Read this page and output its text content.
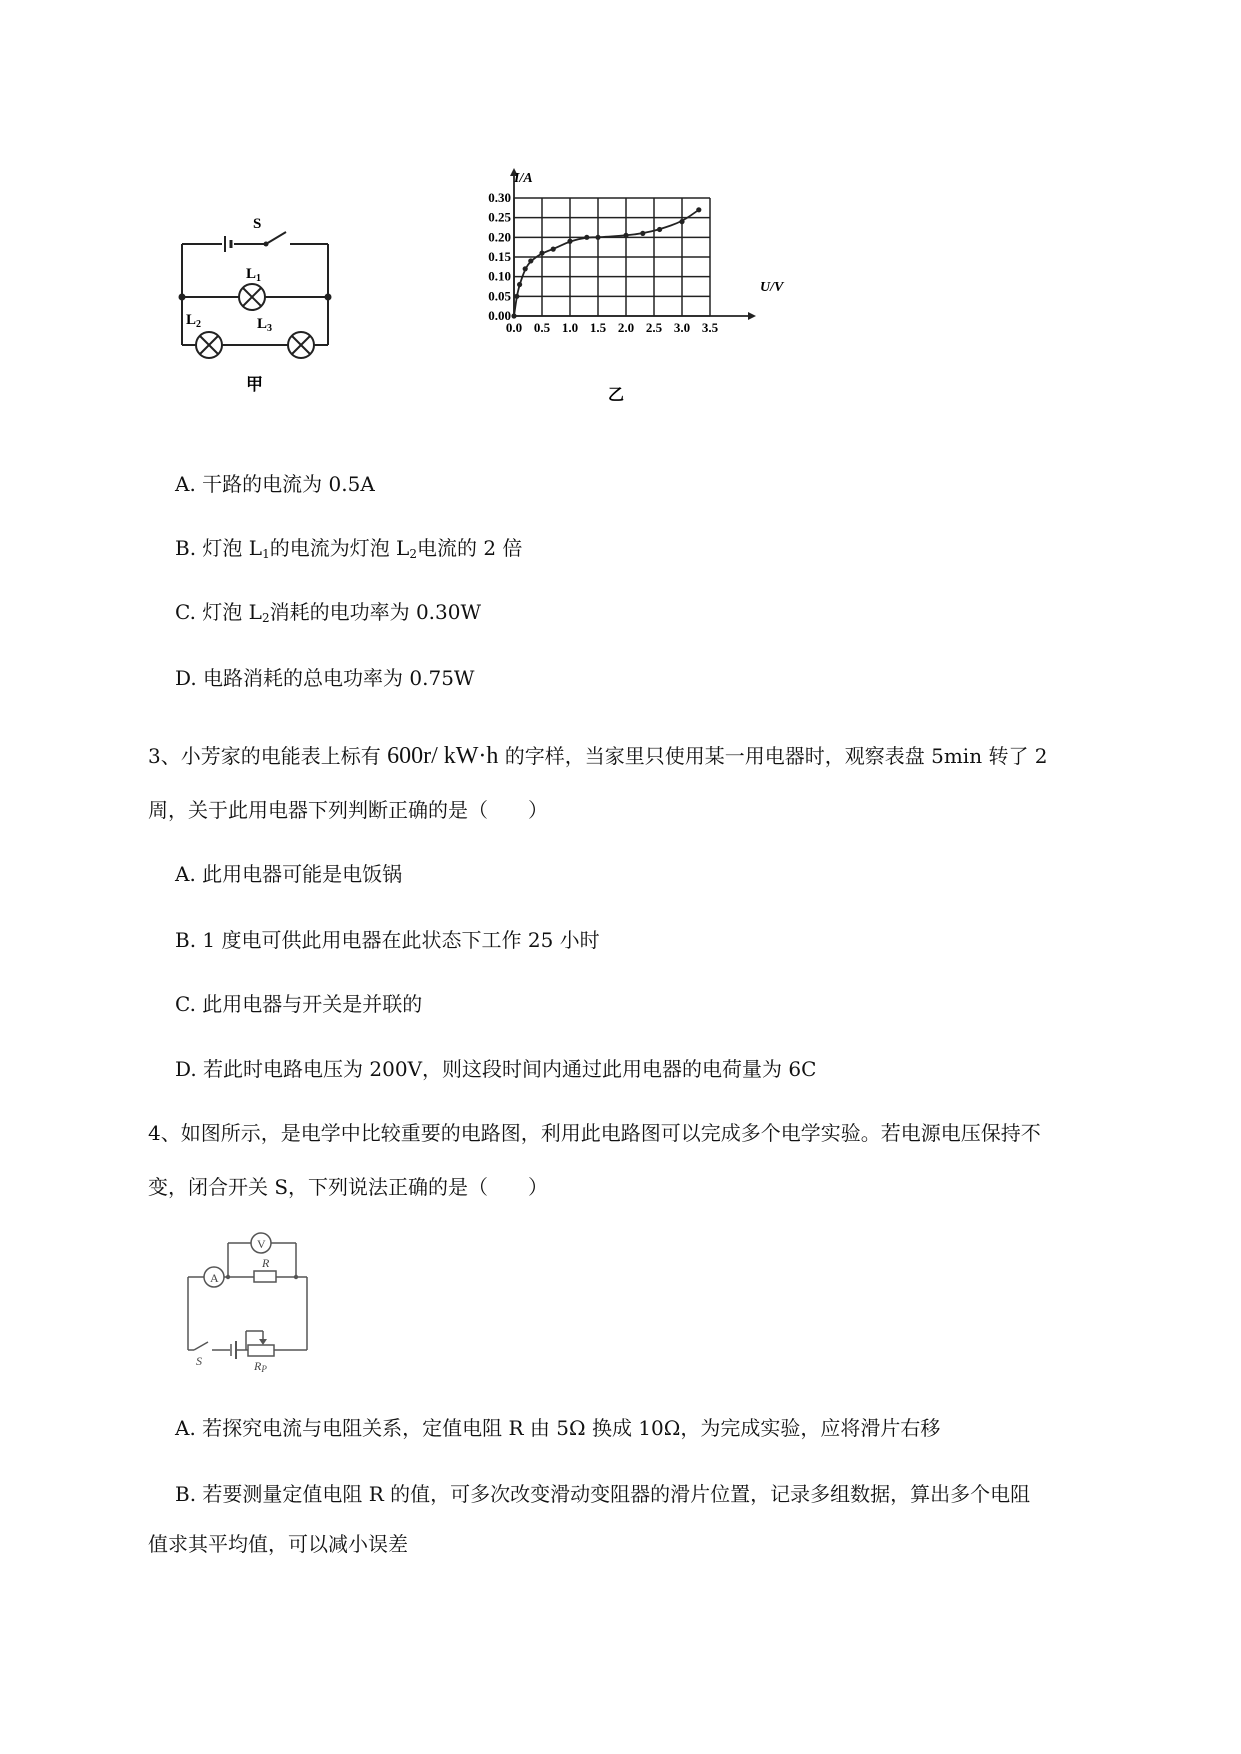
S
$L_1$
$L_2$	$L_3$
甲
0.0 0.5 1.0 1.5 2.0 2.5 3.0 3.5
0.00
0.05
0.10
0.15
0.20
0.25
0.30
I/A
U/V
乙
A. 干路的电流为 0.5A
B. 灯泡 $L_1$的电流为灯泡 $L_2$电流的 2 倍
C. 灯泡 $L_2$消耗的电功率为 0.30W
D. 电路消耗的总电功率为 0.75W
3、小芳家的电能表上标有 600r/ kW·h 的字样，当家里只使用某一用电器时，观察表盘 5min 转了 2
周，关于此用电器下列判断正确的是（　　）
A. 此用电器可能是电饭锅
B. 1 度电可供此用电器在此状态下工作 25 小时
C. 此用电器与开关是并联的
D. 若此时电路电压为 200V，则这段时间内通过此用电器的电荷量为 6C
4、如图所示，是电学中比较重要的电路图，利用此电路图可以完成多个电学实验。若电源电压保持不
变，闭合开关 S，下列说法正确的是（　　）
V
A
R
S	RP
A. 若探究电流与电阻关系，定值电阻 R 由 5Ω 换成 10Ω，为完成实验，应将滑片右移
B. 若要测量定值电阻 R 的值，可多次改变滑动变阻器的滑片位置，记录多组数据，算出多个电阻
值求其平均值，可以减小误差
